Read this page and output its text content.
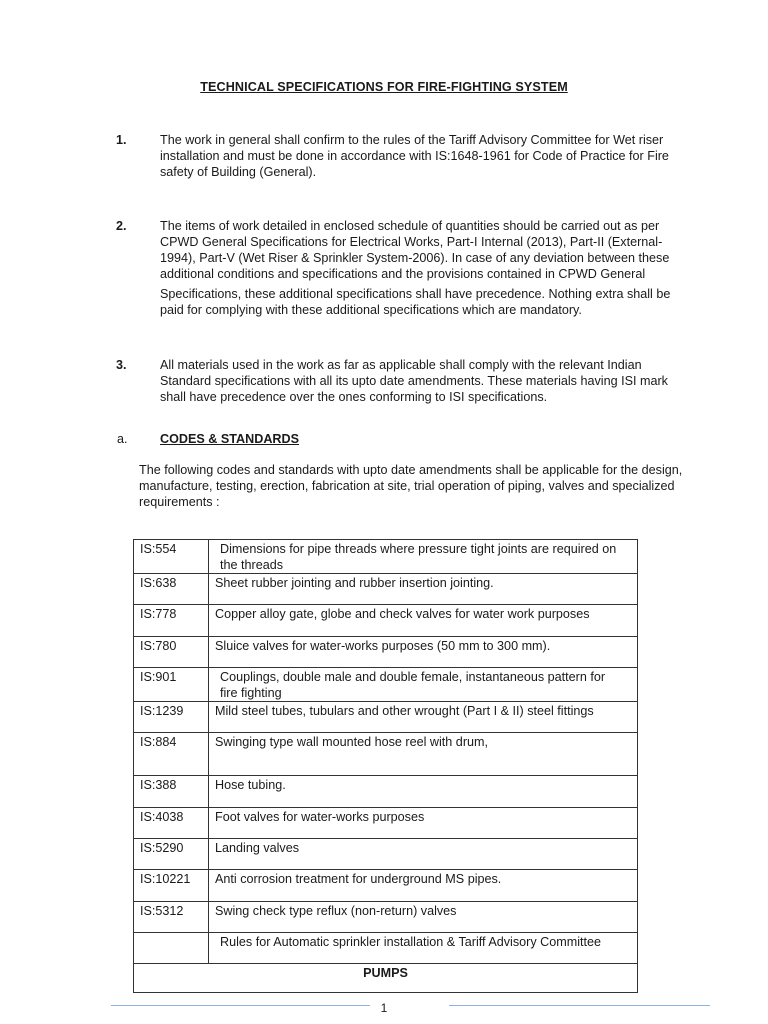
TECHNICAL SPECIFICATIONS FOR FIRE-FIGHTING SYSTEM
1.	The work in general shall confirm to the rules of the Tariff Advisory Committee for Wet riser
installation and must be done in accordance with IS:1648-1961 for Code of Practice for Fire
safety of Building (General).
2.	The items of work detailed in enclosed schedule of quantities should be carried out as per
CPWD General Specifications for Electrical Works, Part-I Internal (2013), Part-II (External-
1994), Part-V (Wet Riser & Sprinkler System-2006). In case of any deviation between these
additional conditions and specifications and the provisions contained in CPWD General
Specifications, these additional specifications shall have precedence. Nothing extra shall be
paid for complying with these additional specifications which are mandatory.
3.	All materials used in the work as far as applicable shall comply with the relevant Indian
Standard specifications with all its upto date amendments. These materials having ISI mark
shall have precedence over the ones conforming to ISI specifications.
a.	CODES & STANDARDS
The following codes and standards with upto date amendments shall be applicable for the design,
manufacture, testing, erection, fabrication at site, trial operation of piping, valves and specialized
requirements :
IS:554	Dimensions for pipe threads where pressure tight joints are required on
the threads

IS:638	Sheet rubber jointing and rubber insertion jointing.

IS:778	Copper alloy gate, globe and check valves for water work purposes

IS:780	Sluice valves for water-works purposes (50 mm to 300 mm).

IS:901	Couplings, double male and double female, instantaneous pattern for
fire fighting

IS:1239	Mild steel tubes, tubulars and other wrought (Part I & II) steel fittings

IS:884	Swinging type wall mounted hose reel with drum,

IS:388	Hose tubing.

IS:4038	Foot valves for water-works purposes

IS:5290	Landing valves

IS:10221	Anti corrosion treatment for underground MS pipes.

IS:5312	Swing check type reflux (non-return) valves

	Rules for Automatic sprinkler installation & Tariff Advisory Committee

PUMPS	
1
